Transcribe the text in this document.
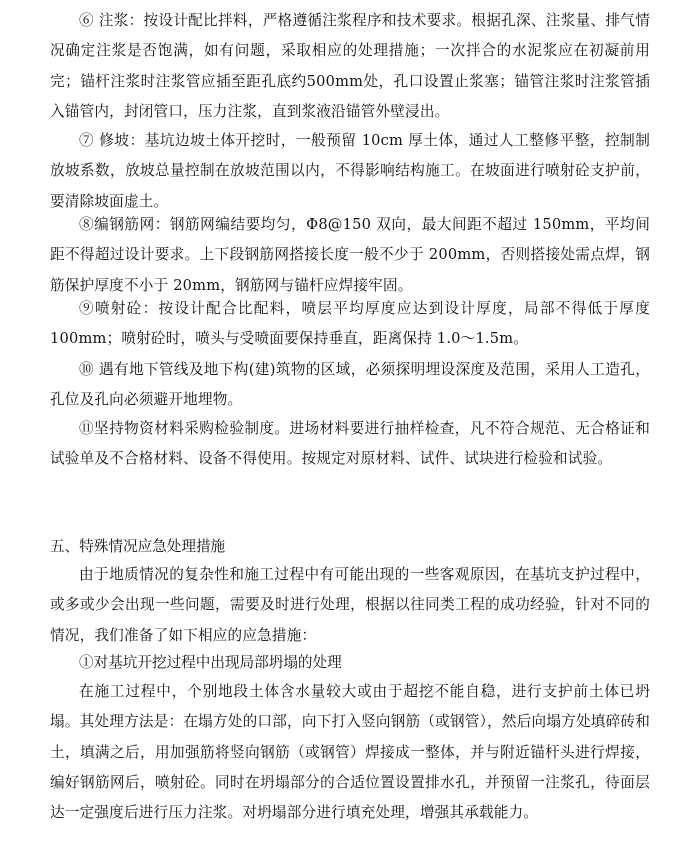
⑥ 注浆：按设计配比拌料，严格遵循注浆程序和技术要求。根据孔深、注浆量、排气情况确定注浆是否饱满，如有问题，采取相应的处理措施；一次拌合的水泥浆应在初凝前用完；锚杆注浆时注浆管应插至距孔底约500mm处，孔口设置止浆塞；锚管注浆时注浆管插入锚管内，封闭管口，压力注浆，直到浆液沿锚管外壁浸出。

⑦ 修坡：基坑边坡土体开挖时，一般预留 10cm 厚土体，通过人工整修平整，控制制放坡系数，放坡总量控制在放坡范围以内，不得影响结构施工。在坡面进行喷射砼支护前，要清除坡面虚土。

⑧编钢筋网：钢筋网编结要均匀，Φ8@150 双向，最大间距不超过 150mm，平均间距不得超过设计要求。上下段钢筋网搭接长度一般不少于 200mm，否则搭接处需点焊，钢筋保护厚度不小于 20mm，钢筋网与锚杆应焊接牢固。

⑨喷射砼：按设计配合比配料，喷层平均厚度应达到设计厚度，局部不得低于厚度 100mm；喷射砼时，喷头与受喷面要保持垂直，距离保持 1.0～1.5m。

⑩ 遇有地下管线及地下构(建)筑物的区域，必须探明埋设深度及范围，采用人工造孔，孔位及孔向必须避开地埋物。

⑪坚持物资材料采购检验制度。进场材料要进行抽样检查，凡不符合规范、无合格证和试验单及不合格材料、设备不得使用。按规定对原材料、试件、试块进行检验和试验。

五、特殊情况应急处理措施

由于地质情况的复杂性和施工过程中有可能出现的一些客观原因，在基坑支护过程中，或多或少会出现一些问题，需要及时进行处理，根据以往同类工程的成功经验，针对不同的情况，我们准备了如下相应的应急措施：

①对基坑开挖过程中出现局部坍塌的处理

在施工过程中，个别地段土体含水量较大或由于超挖不能自稳，进行支护前土体已坍塌。其处理方法是：在塌方处的口部，向下打入竖向钢筋（或钢管），然后向塌方处填碎砖和土，填满之后，用加强筋将竖向钢筋（或钢管）焊接成一整体，并与附近锚杆头进行焊接，编好钢筋网后，喷射砼。同时在坍塌部分的合适位置设置排水孔，并预留一注浆孔，待面层达一定强度后进行压力注浆。对坍塌部分进行填充处理，增强其承载能力。
